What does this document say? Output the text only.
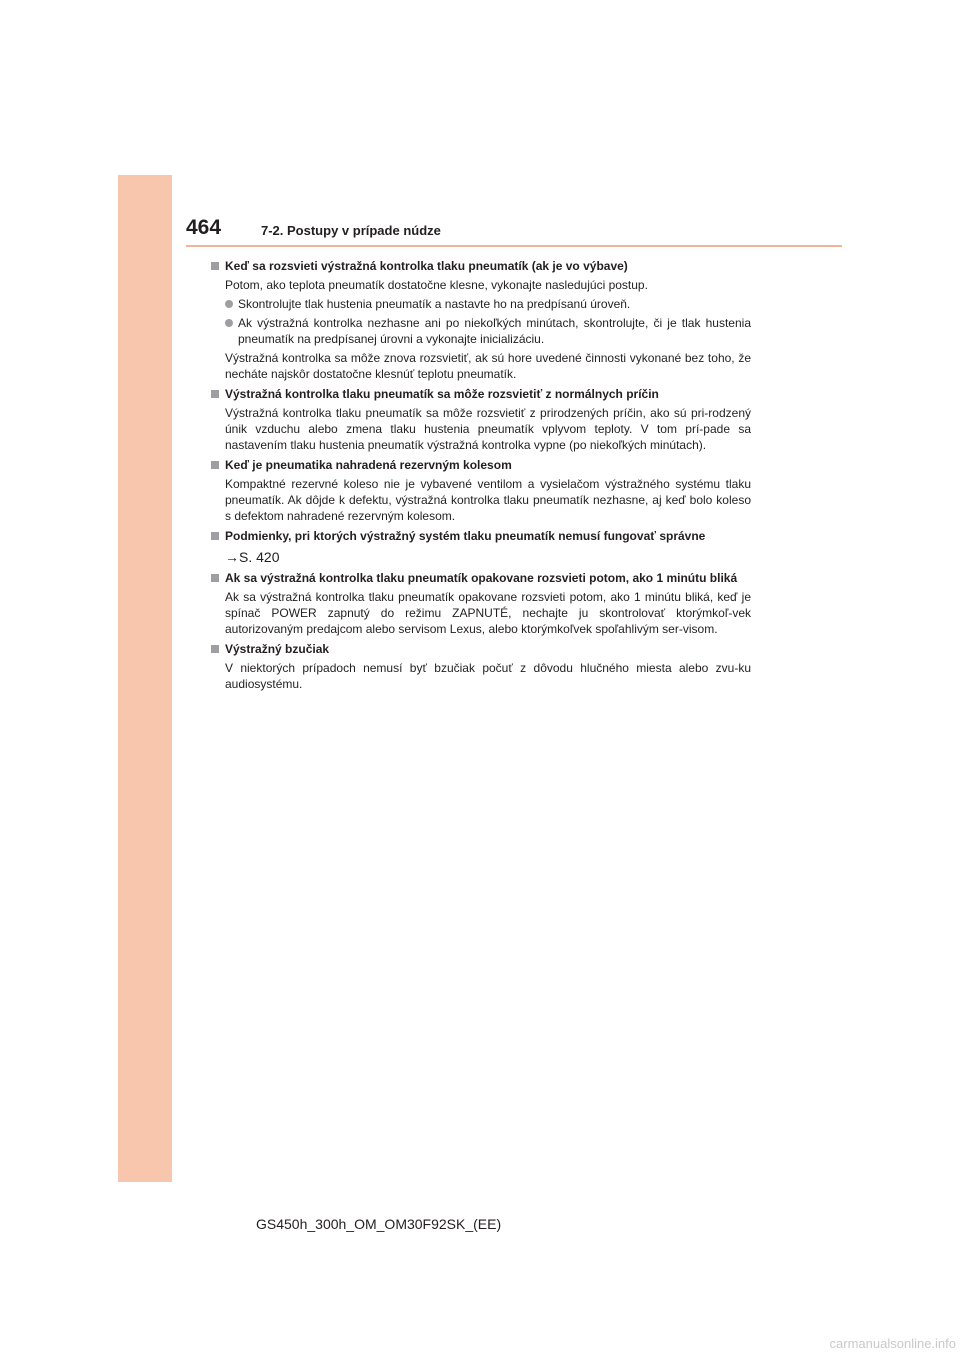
464	7-2. Postupy v prípade núdze
Keď sa rozsvieti výstražná kontrolka tlaku pneumatík (ak je vo výbave)
Potom, ako teplota pneumatík dostatočne klesne, vykonajte nasledujúci postup.
Skontrolujte tlak hustenia pneumatík a nastavte ho na predpísanú úroveň.
Ak výstražná kontrolka nezhasne ani po niekoľkých minútach, skontrolujte, či je tlak hustenia pneumatík na predpísanej úrovni a vykonajte inicializáciu.
Výstražná kontrolka sa môže znova rozsvietiť, ak sú hore uvedené činnosti vykonané bez toho, že necháte najskôr dostatočne klesnúť teplotu pneumatík.
Výstražná kontrolka tlaku pneumatík sa môže rozsvietiť z normálnych príčin
Výstražná kontrolka tlaku pneumatík sa môže rozsvietiť z prirodzených príčin, ako sú pri-rodzený únik vzduchu alebo zmena tlaku hustenia pneumatík vplyvom teploty. V tom prí-pade sa nastavením tlaku hustenia pneumatík výstražná kontrolka vypne (po niekoľkých minútach).
Keď je pneumatika nahradená rezervným kolesom
Kompaktné rezervné koleso nie je vybavené ventilom a vysielačom výstražného systému tlaku pneumatík. Ak dôjde k defektu, výstražná kontrolka tlaku pneumatík nezhasne, aj keď bolo koleso s defektom nahradené rezervným kolesom.
Podmienky, pri ktorých výstražný systém tlaku pneumatík nemusí fungovať správne
→S. 420
Ak sa výstražná kontrolka tlaku pneumatík opakovane rozsvieti potom, ako 1 minútu bliká
Ak sa výstražná kontrolka tlaku pneumatík opakovane rozsvieti potom, ako 1 minútu bliká, keď je spínač POWER zapnutý do režimu ZAPNUTÉ, nechajte ju skontrolovať ktorýmkoľ-vek autorizovaným predajcom alebo servisom Lexus, alebo ktorýmkoľvek spoľahlivým ser-visom.
Výstražný bzučiak
V niektorých prípadoch nemusí byť bzučiak počuť z dôvodu hlučného miesta alebo zvu-ku audiosystému.
GS450h_300h_OM_OM30F92SK_(EE)
carmanualsonline.info
